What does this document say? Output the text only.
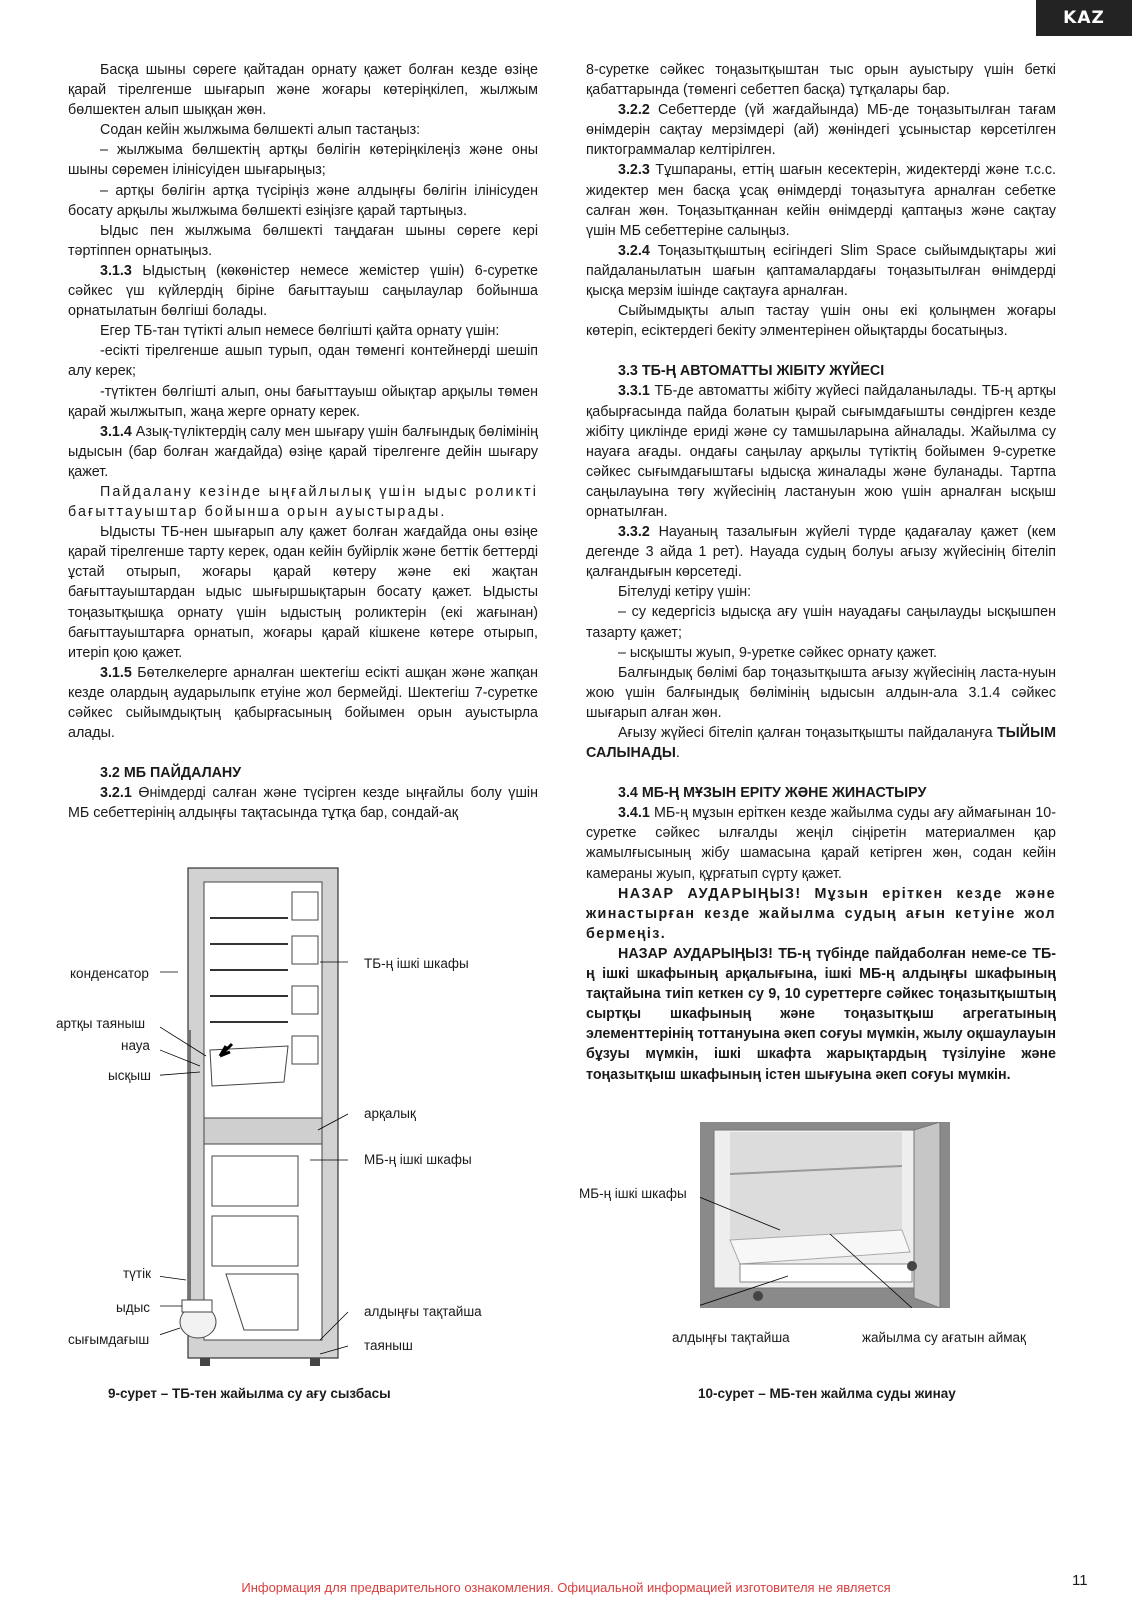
KAZ

Басқа шыны сөреге қайтадан орнату қажет болған кезде өзіңе қарай тірелгенше шығарып және жоғары көтеріңкілеп, жылжым бөлшектен алып шыққан жөн.

Содан кейін жылжыма бөлшекті алып тастаңыз:

– жылжыма бөлшектің артқы бөлігін көтеріңкілеңіз және оны шыны сөремен ілінісуіден шығарыңыз;

– артқы бөлігін артқа түсіріңіз және алдыңғы бөлігін ілінісуден босату арқылы жылжыма бөлшекті езіңізге қарай тартыңыз.

Ыдыс пен жылжыма бөлшекті таңдаған шыны сөреге кері тәртіппен орнатыңыз.

3.1.3 Ыдыстың (көкөністер немесе жемістер үшін) 6-суретке сәйкес үш күйлердің біріне бағыттауыш саңылаулар бойынша орнатылатын бөлгіші болады.

Егер ТБ-тан түтікті алып немесе бөлгішті қайта орнату үшін:

-есікті тірелгенше ашып турып, одан төменгі контейнерді шешіп алу керек;

-түтіктен бөлгішті алып, оны бағыттауыш ойықтар арқылы төмен қарай жылжытып, жаңа жерге орнату керек.

3.1.4 Азық-түліктердің салу мен шығару үшін балғындық бөлімінің ыдысын (бар болған жағдайда) өзіңе қарай тірелгенге дейін шығару қажет.

Пайдалану кезінде ыңғайлылық үшін ыдыс роликті бағыттауыштар бойынша орын ауыстырады.

Ыдысты ТБ-нен шығарып алу қажет болған жағдайда оны өзіңе қарай тірелгенше тарту керек, одан кейін буйірлік және беттік беттерді ұстай отырып, жоғары қарай көтеру және екі жақтан бағыттауыштардан ыдыс шығыршықтарын босату қажет. Ыдысты тоңазытқышқа орнату үшін ыдыстың роликтерін (екі жағынан) бағыттауыштарға орнатып, жоғары қарай кішкене көтере отырып, итеріп қою қажет.

3.1.5 Бөтелкелерге арналған шектегіш есікті ашқан және жапқан кезде олардың аударылыпк етуіне жол бермейді. Шектегіш 7-суретке сәйкес сыйымдықтың қабырғасының бойымен орын ауыстырла алады.

3.2 МБ ПАЙДАЛАНУ

3.2.1 Өнімдерді салған және түсірген кезде ыңғайлы болу үшін МБ себеттерінің алдыңғы тақтасында тұтқа бар, сондай-ақ

8-суретке сәйкес тоңазытқыштан тыс орын ауыстыру үшін беткі қабаттарында (төменгі себеттеп басқа) тұтқалары бар.

3.2.2 Себеттерде (үй жағдайында) МБ-де тоңазытылған тағам өнімдерін сақтау мерзімдері (ай) жөніндегі ұсыныстар көрсетілген пиктограммалар келтірілген.

3.2.3 Тұшпараны, еттің шағын кесектерін, жидектерді және т.с.с. жидектер мен басқа ұсақ өнімдерді тоңазытуға арналған себетке салған жөн. Тоңазытқаннан кейін өнімдерді қаптаңыз және сақтау үшін МБ себеттеріне салыңыз.

3.2.4 Тоңазытқыштың есігіндегі Slim Space сыйымдықтары жиі пайдаланылатын шағын қаптамалардағы тоңазытылған өнімдерді қысқа мерзім ішінде сақтауға арналған.

Сыйымдықты алып тастау үшін оны екі қолыңмен жоғары көтеріп, есіктердегі бекіту элментерінен ойықтарды босатыңыз.

3.3 ТБ-Ң АВТОМАТТЫ ЖІБІТУ ЖҮЙЕСІ

3.3.1 ТБ-де автоматты жібіту жүйесі пайдаланылады. ТБ-ң артқы қабырғасында пайда болатын қырай сығымдағышты сөндірген кезде жібіту циклінде ериді және су тамшыларына айналады. Жайылма су науаға ағады. ондағы саңылау арқылы түтіктің бойымен 9-суретке сәйкес сығымдағыштағы ыдысқа жиналады және буланады. Тартпа саңылауына төгу жүйесінің ластануын жою үшін арналған ысқыш орнатылған.

3.3.2 Науаның тазалығын жүйелі түрде қадағалау қажет (кем дегенде 3 айда 1 рет). Науада судың болуы ағызу жүйесінің бітеліп қалғандығын көрсетеді.

Бітелуді кетіру үшін:

– су кедергісіз ыдысқа ағу үшін науадағы саңылауды ысқышпен тазарту қажет;

– ысқышты жуып, 9-уретке сәйкес орнату қажет.

Балғындық бөлімі бар тоңазытқышта ағызу жүйесінің ласта-нуын жою үшін балғындық бөлімінің ыдысын алдын-ала 3.1.4 сәйкес шығарып алған жөн.

Ағызу жүйесі бітеліп қалған тоңазытқышты пайдалануға ТЫЙЫМ САЛЫНАДЫ.

3.4 МБ-Ң МҰЗЫН ЕРІТУ ЖӘНЕ ЖИНАСТЫРУ

3.4.1 МБ-ң мұзын еріткен кезде жайылма суды ағу аймағынан 10-суретке сәйкес ылғалды жеңіл сіңіретін материалмен қар жамылғысының жібу шамасына қарай кетірген жөн, содан кейін камераны жуып, құрғатып сүрту қажет.

НАЗАР АУДАРЫҢЫЗ! Мұзын еріткен кезде және жинастырған кезде жайылма судың ағын кетуіне жол бермеңіз.

НАЗАР АУДАРЫҢЫЗ! ТБ-ң түбінде пайдаболған неме-се ТБ-ң ішкі шкафының арқалығына, ішкі МБ-ң алдыңғы шкафының тақтайына тиіп кеткен су 9, 10 суреттерге сәйкес тоңазытқыштың сыртқы шкафының және тоңазытқыш агрегатының элементтерінің тоттануына әкеп соғуы мүмкін, жылу оқшаулауын бұзуы мүмкін, ішкі шкафта жарықтардың түзілуіне және тоңазытқыш шкафының істен шығуына әкеп соғуы мүмкін.

конденсатор
артқы таяныш
науа
ысқыш
түтік
ыдыс
сығымдағыш
ТБ-ң ішкі шкафы
арқалық
МБ-ң ішкі шкафы
алдыңғы тақтайша
таяныш
9-сурет – ТБ-тен жайылма су ағу сызбасы
МБ-ң ішкі шкафы
алдыңғы тақтайша	жайылма су ағатын аймақ
10-сурет – МБ-тен жайлма суды жинау
11
Информация для предварительного ознакомления. Официальной информацией изготовителя не является
